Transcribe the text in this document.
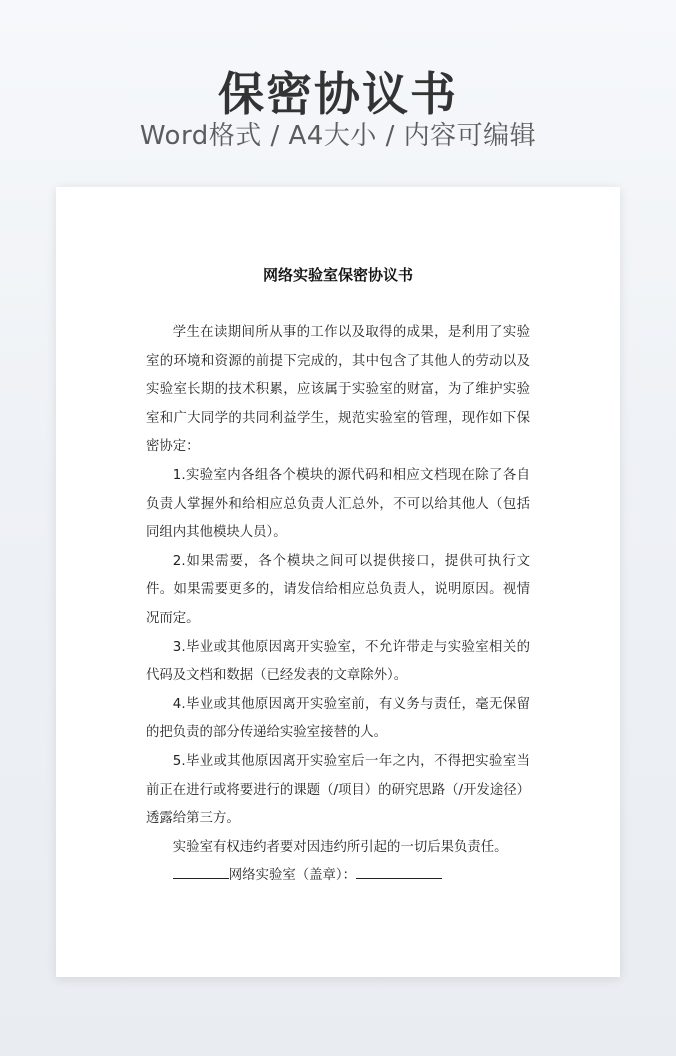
保密协议书
Word格式 / A4大小 / 内容可编辑
网络实验室保密协议书

学生在读期间所从事的工作以及取得的成果，是利用了实验室的环境和资源的前提下完成的，其中包含了其他人的劳动以及实验室长期的技术积累，应该属于实验室的财富，为了维护实验室和广大同学的共同利益学生，规范实验室的管理，现作如下保密协定：

1.实验室内各组各个模块的源代码和相应文档现在除了各自负责人掌握外和给相应总负责人汇总外，不可以给其他人（包括同组内其他模块人员）。

2.如果需要，各个模块之间可以提供接口，提供可执行文件。如果需要更多的，请发信给相应总负责人，说明原因。视情况而定。

3.毕业或其他原因离开实验室，不允许带走与实验室相关的代码及文档和数据（已经发表的文章除外）。

4.毕业或其他原因离开实验室前，有义务与责任，毫无保留的把负责的部分传递给实验室接替的人。

5.毕业或其他原因离开实验室后一年之内，不得把实验室当前正在进行或将要进行的课题（/项目）的研究思路（/开发途径）透露给第三方。

实验室有权违约者要对因违约所引起的一切后果负责任。

网络实验室（盖章）：
